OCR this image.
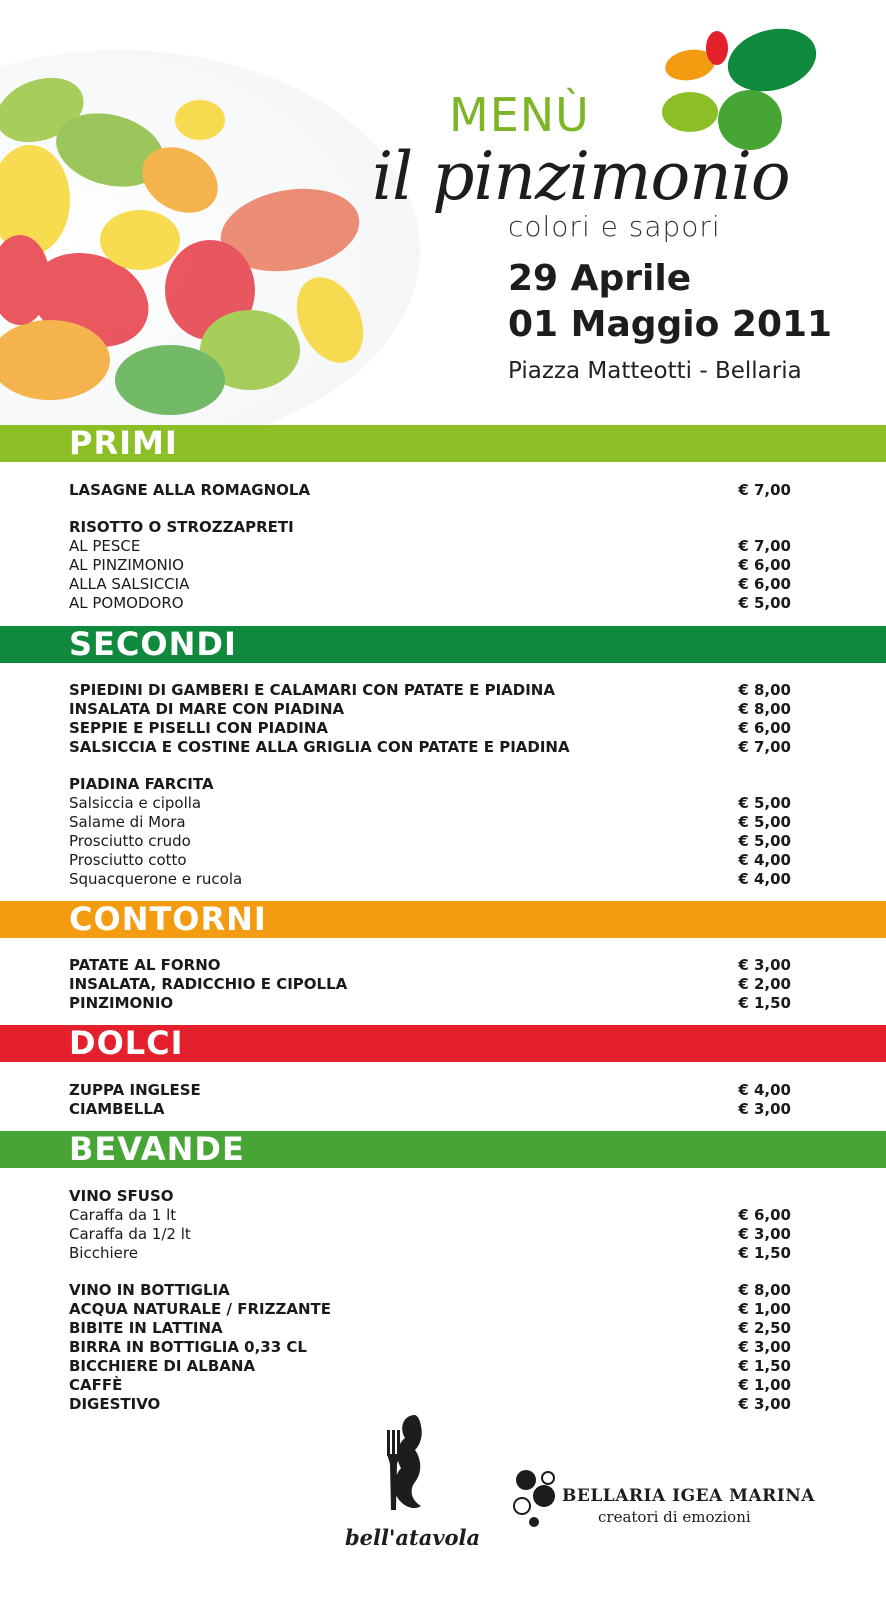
MENÙ
il pinzimonio
colori e sapori
29 Aprile
01 Maggio 2011
Piazza Matteotti - Bellaria
PRIMI
LASAGNE ALLA ROMAGNOLA	€ 7,00
RISOTTO O STROZZAPRETI
AL PESCE	€ 7,00
AL PINZIMONIO	€ 6,00
ALLA SALSICCIA	€ 6,00
AL POMODORO	€ 5,00
SECONDI
SPIEDINI DI GAMBERI E CALAMARI CON PATATE E PIADINA	€ 8,00
INSALATA DI MARE CON PIADINA	€ 8,00
SEPPIE E PISELLI CON PIADINA	€ 6,00
SALSICCIA E COSTINE ALLA GRIGLIA CON PATATE E PIADINA	€ 7,00
PIADINA FARCITA
Salsiccia e cipolla	€ 5,00
Salame di Mora	€ 5,00
Prosciutto crudo	€ 5,00
Prosciutto cotto	€ 4,00
Squacquerone e rucola	€ 4,00
CONTORNI
PATATE AL FORNO	€ 3,00
INSALATA, RADICCHIO E CIPOLLA	€ 2,00
PINZIMONIO	€ 1,50
DOLCI
ZUPPA INGLESE	€ 4,00
CIAMBELLA	€ 3,00
BEVANDE
VINO SFUSO
Caraffa da 1 lt	€ 6,00
Caraffa da 1/2 lt	€ 3,00
Bicchiere	€ 1,50
VINO IN BOTTIGLIA	€ 8,00
ACQUA NATURALE / FRIZZANTE	€ 1,00
BIBITE IN LATTINA	€ 2,50
BIRRA IN BOTTIGLIA 0,33 CL	€ 3,00
BICCHIERE DI ALBANA	€ 1,50
CAFFÈ	€ 1,00
DIGESTIVO	€ 3,00
bell'atavola
BELLARIA IGEA MARINA
creatori di emozioni
